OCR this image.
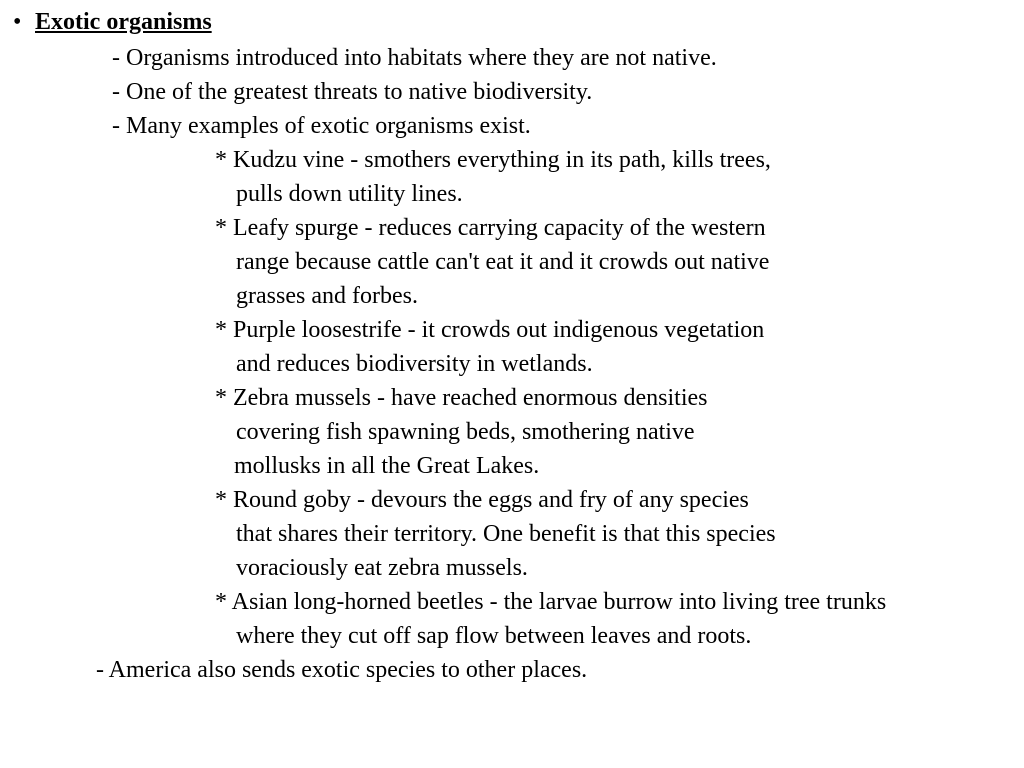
• Exotic organisms
- Organisms introduced into habitats where they are not native.
- One of the greatest threats to native biodiversity.
- Many examples of exotic organisms exist.
* Kudzu vine - smothers everything in its path, kills trees,
pulls down utility lines.
* Leafy spurge - reduces carrying capacity of the western
range because cattle can't eat it and it crowds out native
grasses and forbes.
* Purple loosestrife - it crowds out indigenous vegetation
and reduces biodiversity in wetlands.
* Zebra mussels - have reached enormous densities
covering fish spawning beds, smothering native
mollusks in all the Great Lakes.
* Round goby - devours the eggs and fry of any species
that shares their territory. One benefit is that this species
voraciously eat zebra mussels.
* Asian long-horned beetles - the larvae burrow into living tree trunks
where they cut off sap flow between leaves and roots.
- America also sends exotic species to other places.
